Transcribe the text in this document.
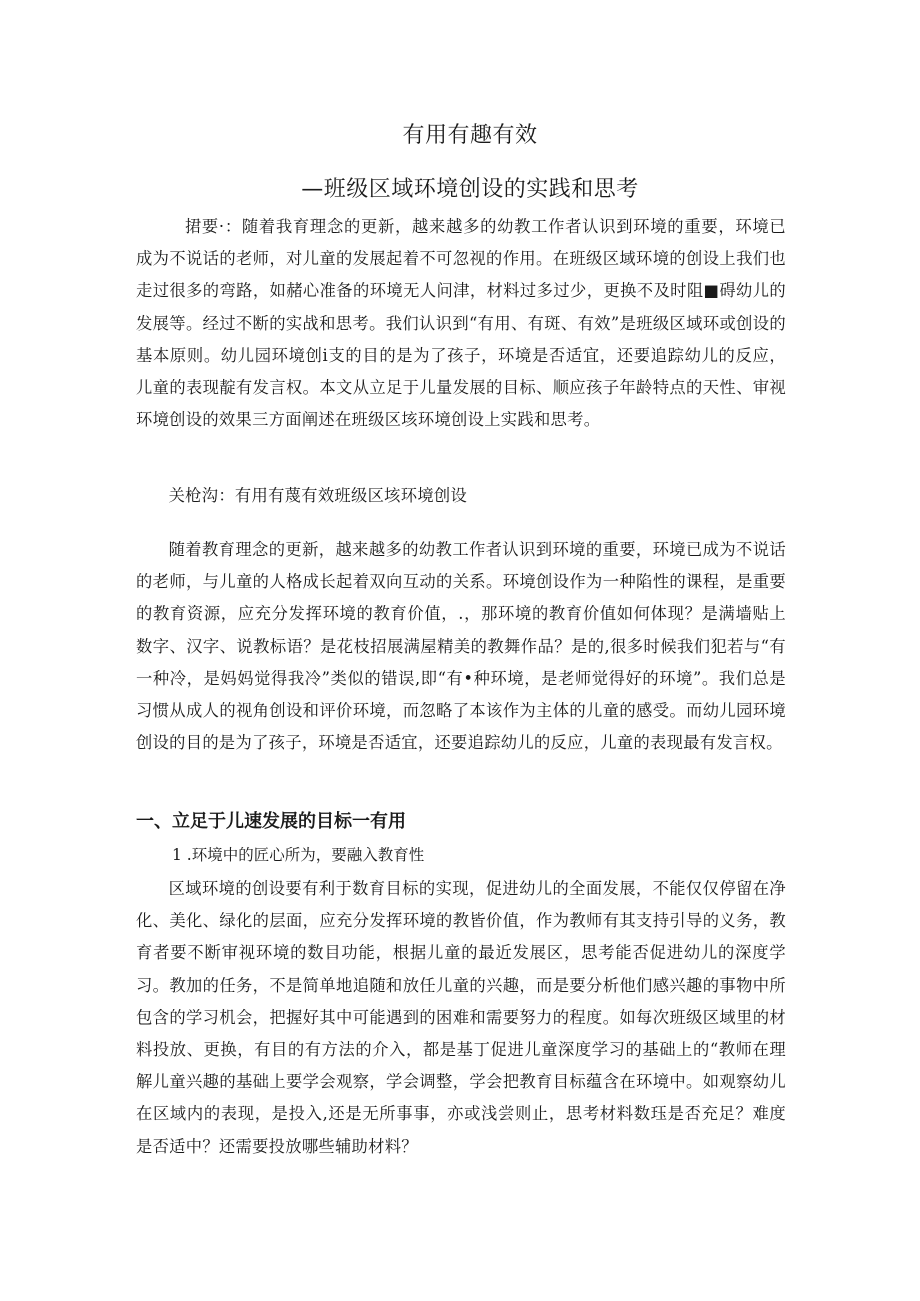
有用有趣有效
—班级区域环境创设的实践和思考

捃要·：随着我育理念的更新，越来越多的幼教工作者认识到环境的重要，环境已成为不说话的老师，对儿童的发展起着不可忽视的作用。在班级区域环境的创设上我们也走过很多的弯路，如赭心准备的环境无人问津，材料过多过少，更换不及时阻■碍幼儿的发展等。经过不断的实战和思考。我们认识到“有用、有斑、有效”是班级区域环或创设的基本原则。幼儿园环境创i支的目的是为了孩子，环境是否适宜，还要追踪幼儿的反应，儿童的表现靛有发言权。本文从立足于儿量发展的目标、顺应孩子年龄特点的天性、审视环境创设的效果三方面阐述在班级区垓环境创设上实践和思考。

关枪沟：有用有蔑有效班级区垓环境创设

随着教育理念的更新，越来越多的幼教工作者认识到环境的重要，环境已成为不说话的老师，与儿童的人格成长起着双向互动的关系。环境创设作为一种陷性的课程，是重要的教育资源，应充分发挥环境的教育价值，.，那环境的教育价值如何体现？是满墙贴上数字、汉字、说教标语？是花枝招展满屋精美的教舞作品？是的,很多时候我们犯若与“有一种冷，是妈妈觉得我冷”类似的错误,即“有•种环境，是老师觉得好的环境”。我们总是习惯从成人的视角创设和评价环境，而忽略了本该作为主体的儿童的感受。而幼儿园环境创设的目的是为了孩子，环境是否适宜，还要追踪幼儿的反应，儿童的表现最有发言权。

一、立足于儿速发展的目标一有用

1 .环境中的匠心所为，要融入教育性

区域环境的创设要有利于数育目标的实现，促进幼儿的全面发展，不能仅仅停留在净化、美化、绿化的层面，应充分发挥环境的教皆价值，作为教师有其支持引导的义务，教育者要不断审视环境的数目功能，根据儿童的最近发展区，思考能否促进幼儿的深度学习。教加的任务，不是简单地追随和放任儿童的兴趣，而是要分析他们感兴趣的事物中所包含的学习机会，把握好其中可能遇到的困难和需要努力的程度。如每次班级区域里的材料投放、更换，有目的有方法的介入，都是基丁促进儿童深度学习的基础上的“教师在理解儿童兴趣的基础上要学会观察，学会调整，学会把教育目标蕴含在环境中。如观察幼儿在区域内的表现，是投入,还是无所事事，亦或浅尝则止，思考材料数珏是否充足？难度是否适中？还需要投放哪些辅助材料？
